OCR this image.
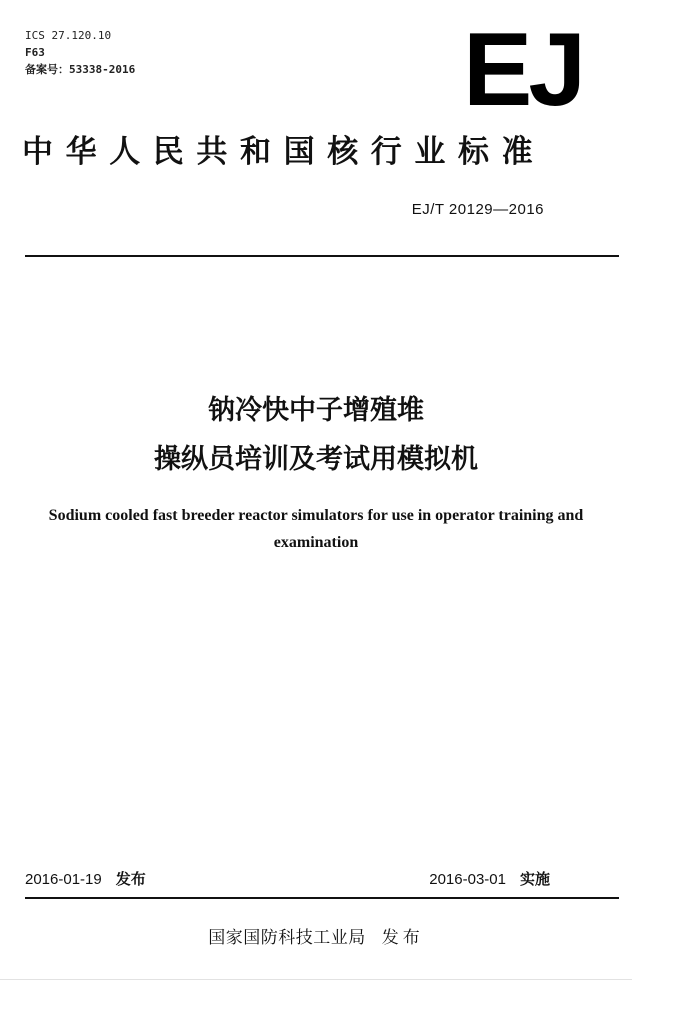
ICS 27.120.10
F63
备案号：53338-2016	EJ
中华人民共和国核行业标准
EJ/T 20129—2016
钠冷快中子增殖堆
操纵员培训及考试用模拟机
Sodium cooled fast breeder reactor simulators for use in operator training and
examination
2016-01-19 发布	2016-03-01 实施
国家国防科技工业局 发布
